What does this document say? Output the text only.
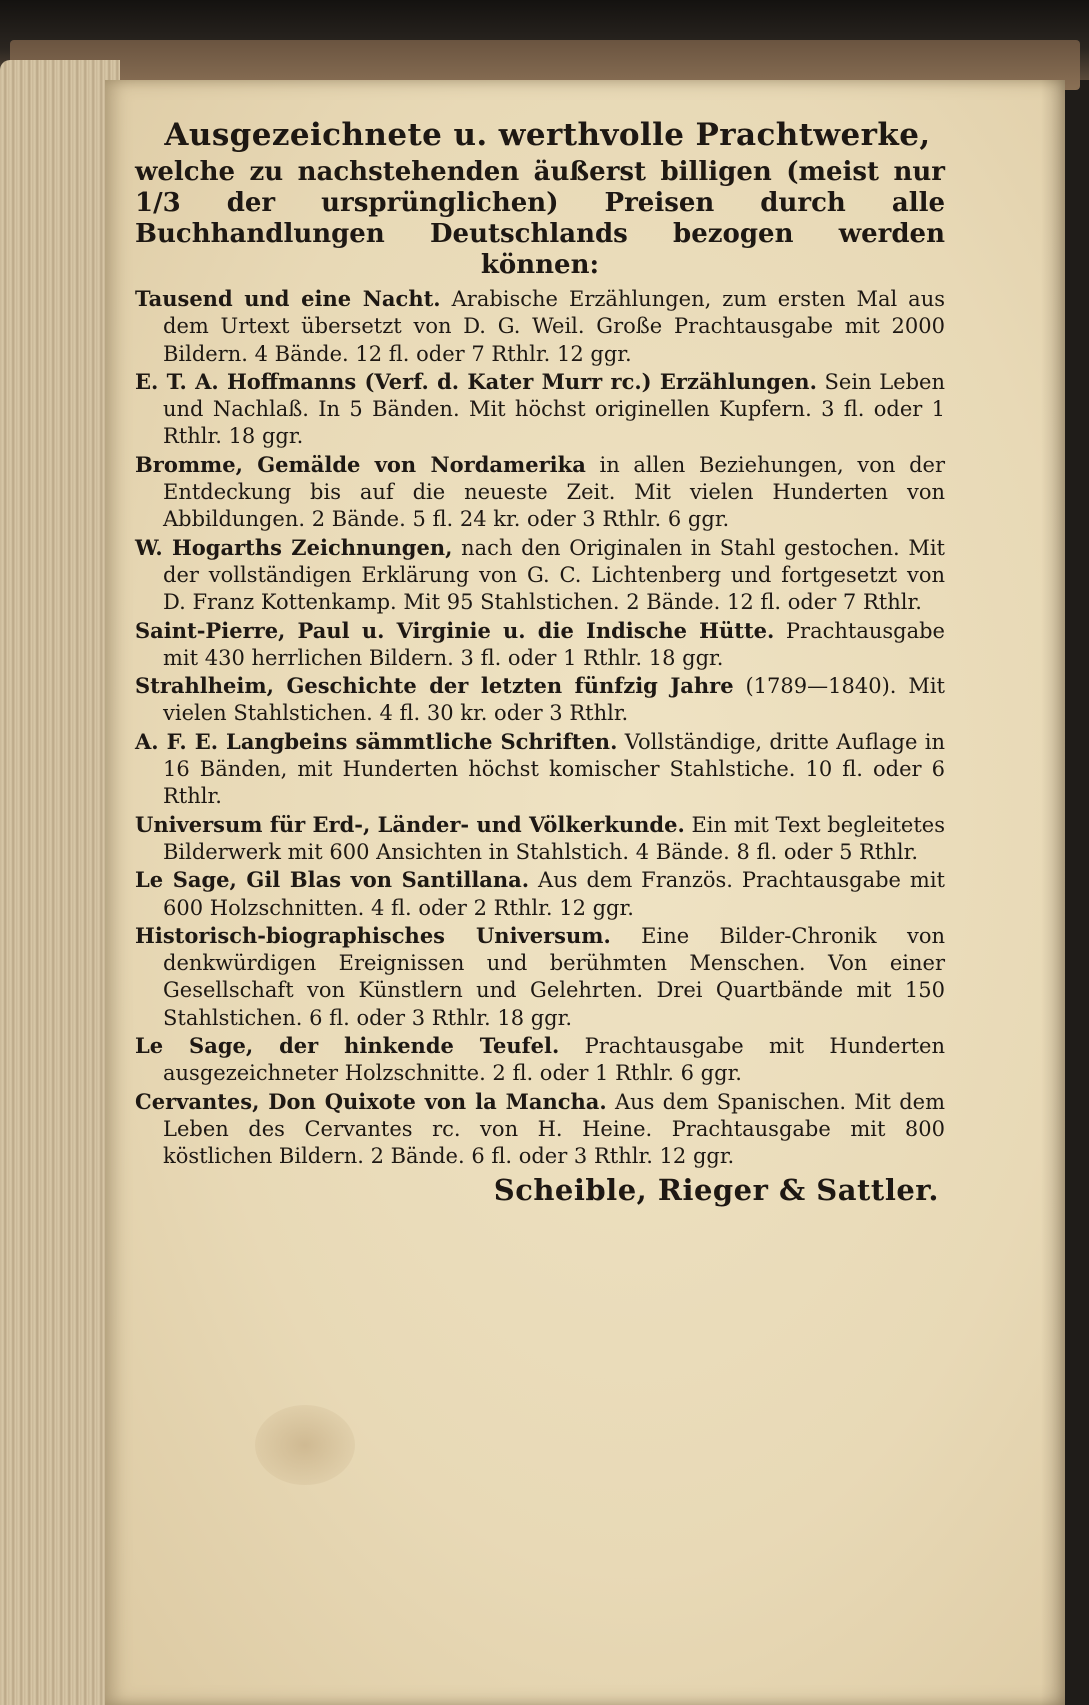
Ausgezeichnete u. werthvolle Prachtwerke,
welche zu nachstehenden äußerst billigen (meist nur 1/3 der ursprünglichen) Preisen durch alle Buchhandlungen Deutschlands bezogen werden können:
Tausend und eine Nacht. Arabische Erzählungen, zum ersten Mal aus dem Urtext übersetzt von D. G. Weil. Große Prachtausgabe mit 2000 Bildern. 4 Bände. 12 fl. oder 7 Rthlr. 12 ggr.
E. T. A. Hoffmanns (Verf. d. Kater Murr rc.) Erzählungen. Sein Leben und Nachlaß. In 5 Bänden. Mit höchst originellen Kupfern. 3 fl. oder 1 Rthlr. 18 ggr.
Bromme, Gemälde von Nordamerika in allen Beziehungen, von der Entdeckung bis auf die neueste Zeit. Mit vielen Hunderten von Abbildungen. 2 Bände. 5 fl. 24 kr. oder 3 Rthlr. 6 ggr.
W. Hogarths Zeichnungen, nach den Originalen in Stahl gestochen. Mit der vollständigen Erklärung von G. C. Lichtenberg und fortgesetzt von D. Franz Kottenkamp. Mit 95 Stahlstichen. 2 Bände. 12 fl. oder 7 Rthlr.
Saint-Pierre, Paul u. Virginie u. die Indische Hütte. Prachtausgabe mit 430 herrlichen Bildern. 3 fl. oder 1 Rthlr. 18 ggr.
Strahlheim, Geschichte der letzten fünfzig Jahre (1789—1840). Mit vielen Stahlstichen. 4 fl. 30 kr. oder 3 Rthlr.
A. F. E. Langbeins sämmtliche Schriften. Vollständige, dritte Auflage in 16 Bänden, mit Hunderten höchst komischer Stahlstiche. 10 fl. oder 6 Rthlr.
Universum für Erd-, Länder- und Völkerkunde. Ein mit Text begleitetes Bilderwerk mit 600 Ansichten in Stahlstich. 4 Bände. 8 fl. oder 5 Rthlr.
Le Sage, Gil Blas von Santillana. Aus dem Französ. Prachtausgabe mit 600 Holzschnitten. 4 fl. oder 2 Rthlr. 12 ggr.
Historisch-biographisches Universum. Eine Bilder-Chronik von denkwürdigen Ereignissen und berühmten Menschen. Von einer Gesellschaft von Künstlern und Gelehrten. Drei Quartbände mit 150 Stahlstichen. 6 fl. oder 3 Rthlr. 18 ggr.
Le Sage, der hinkende Teufel. Prachtausgabe mit Hunderten ausgezeichneter Holzschnitte. 2 fl. oder 1 Rthlr. 6 ggr.
Cervantes, Don Quixote von la Mancha. Aus dem Spanischen. Mit dem Leben des Cervantes rc. von H. Heine. Prachtausgabe mit 800 köstlichen Bildern. 2 Bände. 6 fl. oder 3 Rthlr. 12 ggr.
Scheible, Rieger & Sattler.
